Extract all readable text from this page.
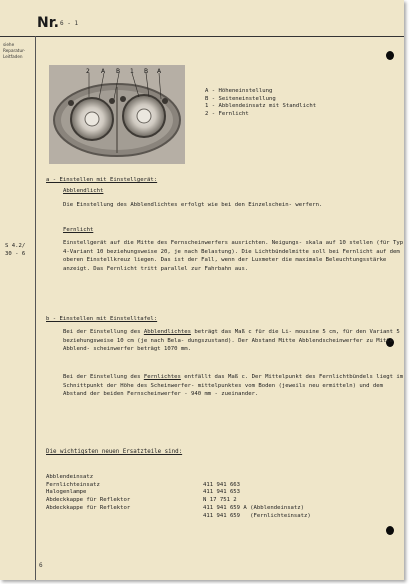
Nr. 6 - 1
siehe Reparatur-Leitfaden
2 A B 1 B A
A - Höheneinstellung
B - Seiteneinstellung
1 - Abblendeinsatz mit Standlicht
2 - Fernlicht
a - Einstellen mit Einstellgerät:
Abblendlicht
Die Einstellung des Abblendlichtes erfolgt wie bei den Einzelschein- werfern.
Fernlicht
S 4.2/
30 - 6
Einstellgerät auf die Mitte des Fernscheinwerfers ausrichten. Neigungs- skala auf 10 stellen (für Typ 4-Variant 10 beziehungsweise 20, je nach Belastung). Die Lichtbündelmitte soll bei Fernlicht auf dem oberen Einstellkreuz liegen. Das ist der Fall, wenn der Luxmeter die maximale Beleuchtungsstärke anzeigt. Das Fernlicht tritt parallel zur Fahrbahn aus.
b - Einstellen mit Einstelltafel:
Bei der Einstellung des Abblendlichtes beträgt das Maß c für die Li- mousine 5 cm, für den Variant 5 beziehungsweise 10 cm (je nach Bela- dungszustand). Der Abstand Mitte Abblendscheinwerfer zu Mitte Abblend- scheinwerfer beträgt 1070 mm.
Bei der Einstellung des Fernlichtes entfällt das Maß c. Der Mittelpunkt des Fernlichtbündels liegt im Schnittpunkt der Höhe des Scheinwerfer- mittelpunktes vom Boden (jeweils neu ermitteln) und dem Abstand der beiden Fernscheinwerfer - 940 mm - zueinander.
Die wichtigsten neuen Ersatzteile sind:

Abblendeinsatz

411 941 663

Fernlichteinsatz

411 941 653

Halogenlampe

N 17 751 2

Abdeckkappe für Reflektor

411 941 659 A (Abblendeinsatz)

Abdeckkappe für Reflektor

411 941 659   (Fernlichteinsatz)

6
